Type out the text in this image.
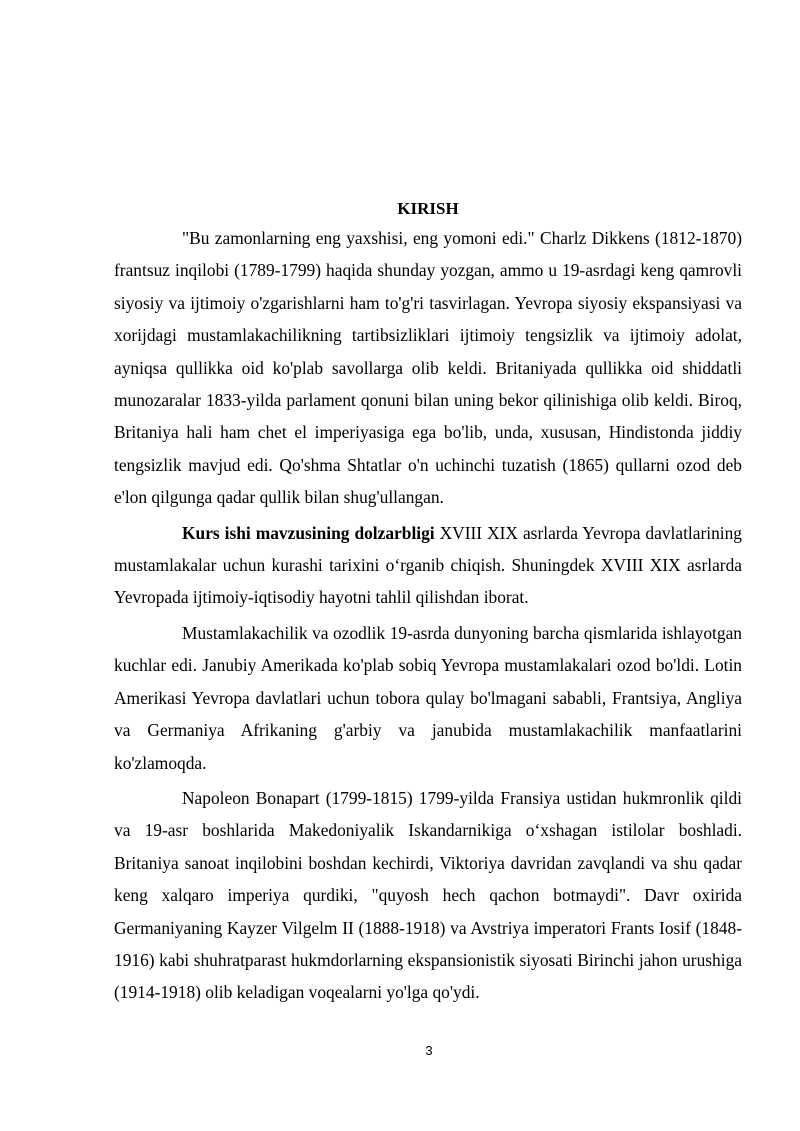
KIRISH

"Bu zamonlarning eng yaxshisi, eng yomoni edi." Charlz Dikkens (1812-1870) frantsuz inqilobi (1789-1799) haqida shunday yozgan, ammo u 19-asrdagi keng qamrovli siyosiy va ijtimoiy o'zgarishlarni ham to'g'ri tasvirlagan. Yevropa siyosiy ekspansiyasi va xorijdagi mustamlakachilikning tartibsizliklari ijtimoiy tengsizlik va ijtimoiy adolat, ayniqsa qullikka oid ko'plab savollarga olib keldi. Britaniyada qullikka oid shiddatli munozaralar 1833-yilda parlament qonuni bilan uning bekor qilinishiga olib keldi. Biroq, Britaniya hali ham chet el imperiyasiga ega bo'lib, unda, xususan, Hindistonda jiddiy tengsizlik mavjud edi. Qo'shma Shtatlar o'n uchinchi tuzatish (1865) qullarni ozod deb e'lon qilgunga qadar qullik bilan shug'ullangan.

Kurs ishi mavzusining dolzarbligi XVIII XIX asrlarda Yevropa davlatlarining mustamlakalar uchun kurashi tarixini o‘rganib chiqish. Shuningdek XVIII XIX asrlarda Yevropada ijtimoiy-iqtisodiy hayotni tahlil qilishdan iborat.

Mustamlakachilik va ozodlik 19-asrda dunyoning barcha qismlarida ishlayotgan kuchlar edi. Janubiy Amerikada ko'plab sobiq Yevropa mustamlakalari ozod bo'ldi. Lotin Amerikasi Yevropa davlatlari uchun tobora qulay bo'lmagani sababli, Frantsiya, Angliya va Germaniya Afrikaning g'arbiy va janubida mustamlakachilik manfaatlarini ko'zlamoqda.

Napoleon Bonapart (1799-1815) 1799-yilda Fransiya ustidan hukmronlik qildi va 19-asr boshlarida Makedoniyalik Iskandarnikiga o‘xshagan istilolar boshladi. Britaniya sanoat inqilobini boshdan kechirdi, Viktoriya davridan zavqlandi va shu qadar keng xalqaro imperiya qurdiki, "quyosh hech qachon botmaydi". Davr oxirida Germaniyaning Kayzer Vilgelm II (1888-1918) va Avstriya imperatori Frants Iosif (1848-1916) kabi shuhratparast hukmdorlarning ekspansionistik siyosati Birinchi jahon urushiga (1914-1918) olib keladigan voqealarni yo'lga qo'ydi.

3
